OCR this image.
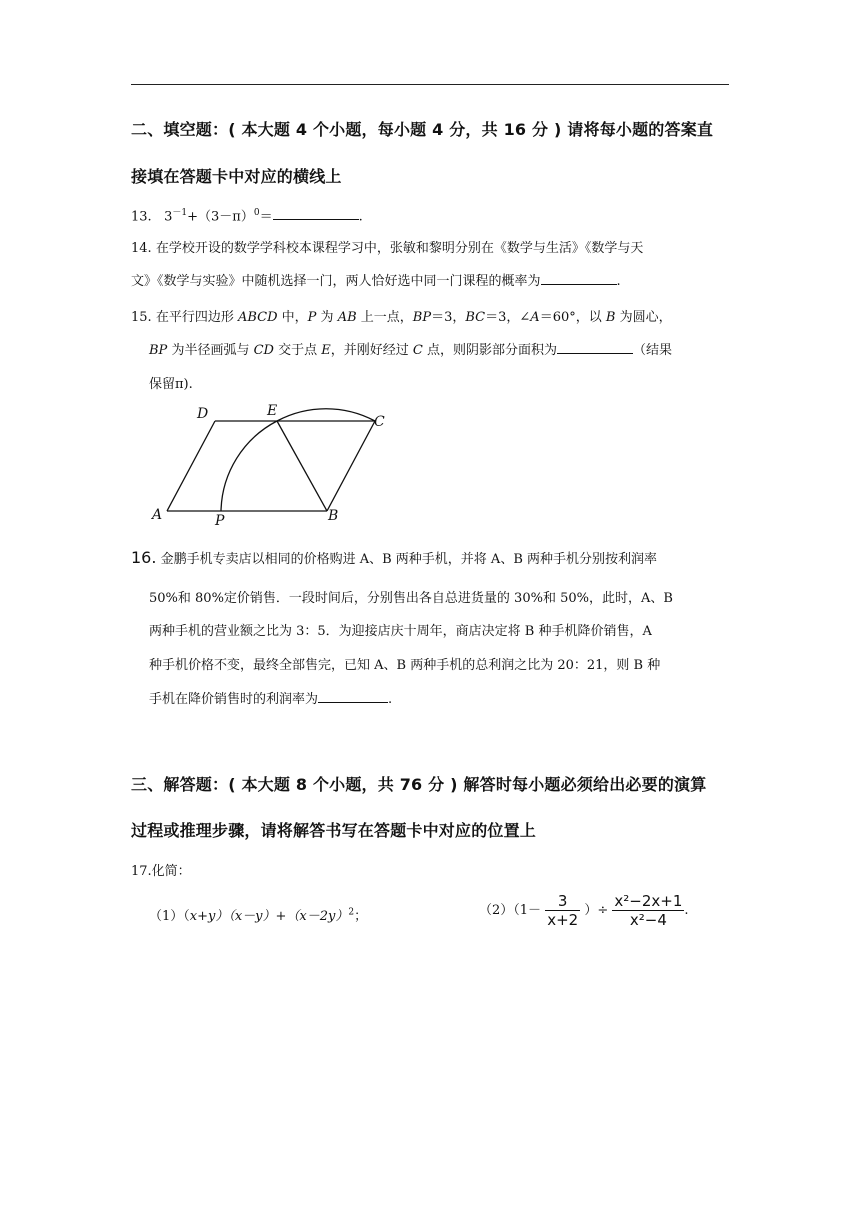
二、填空题：( 本大题 4 个小题，每小题 4 分，共 16 分 ) 请将每小题的答案直
接填在答题卡中对应的横线上
13. $3^{-1}+(3-\pi)^0=$	.
14. 在学校开设的数学学科校本课程学习中，张敏和黎明分别在《数学与生活》《数学与天
文》《数学与实验》中随机选择一门，两人恰好选中同一门课程的概率为	.
15. 在平行四边形 ABCD 中，P 为 AB 上一点，BP＝3，BC＝3，∠A＝60°，以 B 为圆心，
BP 为半径画弧与 CD 交于点 E，并刚好经过 C 点，则阴影部分面积为	（结果
保留π).
D	E
C
A	P	B
16. 金鹏手机专卖店以相同的价格购进 A、B 两种手机，并将 A、B 两种手机分别按利润率
50%和 80%定价销售．一段时间后，分别售出各自总进货量的 30%和 50%，此时，A、B
两种手机的营业额之比为 3：5．为迎接店庆十周年，商店决定将 B 种手机降价销售，A
种手机价格不变，最终全部售完，已知 A、B 两种手机的总利润之比为 20：21，则 B 种
手机在降价销售时的利润率为	.
三、解答题：( 本大题 8 个小题，共 76 分 ) 解答时每小题必须给出必要的演算
过程或推理步骤，请将解答书写在答题卡中对应的位置上
17.化简：
$(1)(x+y)(x-y)+(x-2y)^2$；	$(2)(1- \frac{3}{x+2}$ ）÷ $\frac{\text{x²−2x+1}}{\text{x²−4}}$ .
